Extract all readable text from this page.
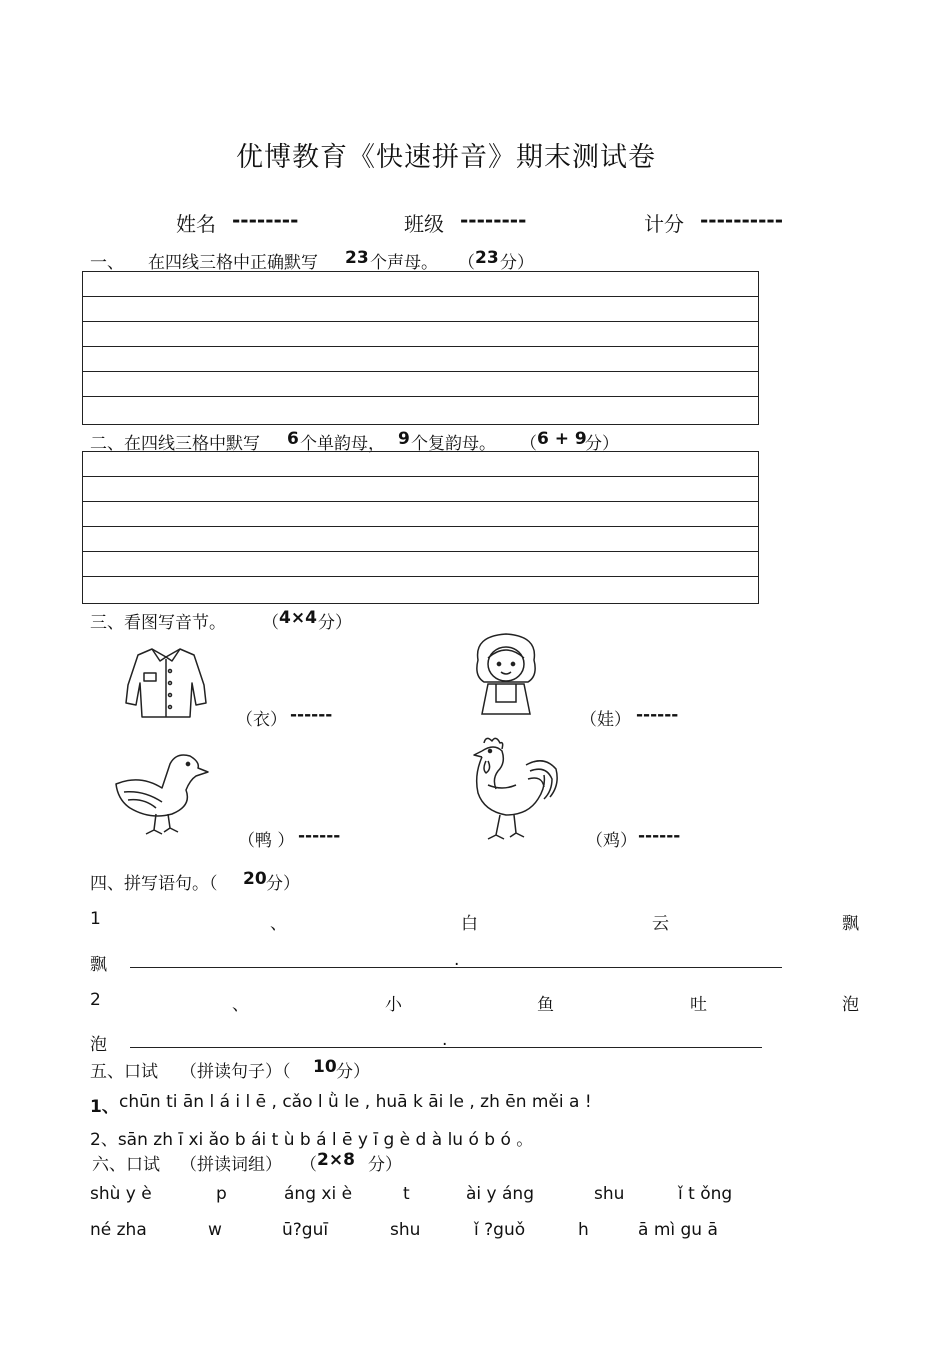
优博教育《快速拼音》期末测试卷
姓名 --------	班级 --------	计分 ----------
一、 在四线三格中正确默写 23 个声母。 （ 23 分）
二、在四线三格中默写 6 个单韵母， 9 个复韵母。 （ 6 + 9
分）
三、看图写音节。 （ 4×4 分）
（衣） ------	（娃） ------
（鸭 ） ------	（鸡） ------
四、拼写语句。（ 20 分）
1	、	白	云	飘
飘	.
2	、	小	鱼	吐	泡
泡	.
五、口试 （拼读句子）（ 10 分）
1、 chūn ti ān l á i l ē , cǎo l ǜ le , huā k āi le , zh ēn měi a !
2、sān zh ī xi ǎo b ái t ù b á l ē y ī g è d à lu ó b ó 。
六、口试 （拼读词组） （ 2×8 分）
shù y è	p	áng xi è	t	ài y áng	shu	ǐ t ǒng
né zha	w	ū?guī	shu	ǐ ?guǒ	h	ā mì gu ā
